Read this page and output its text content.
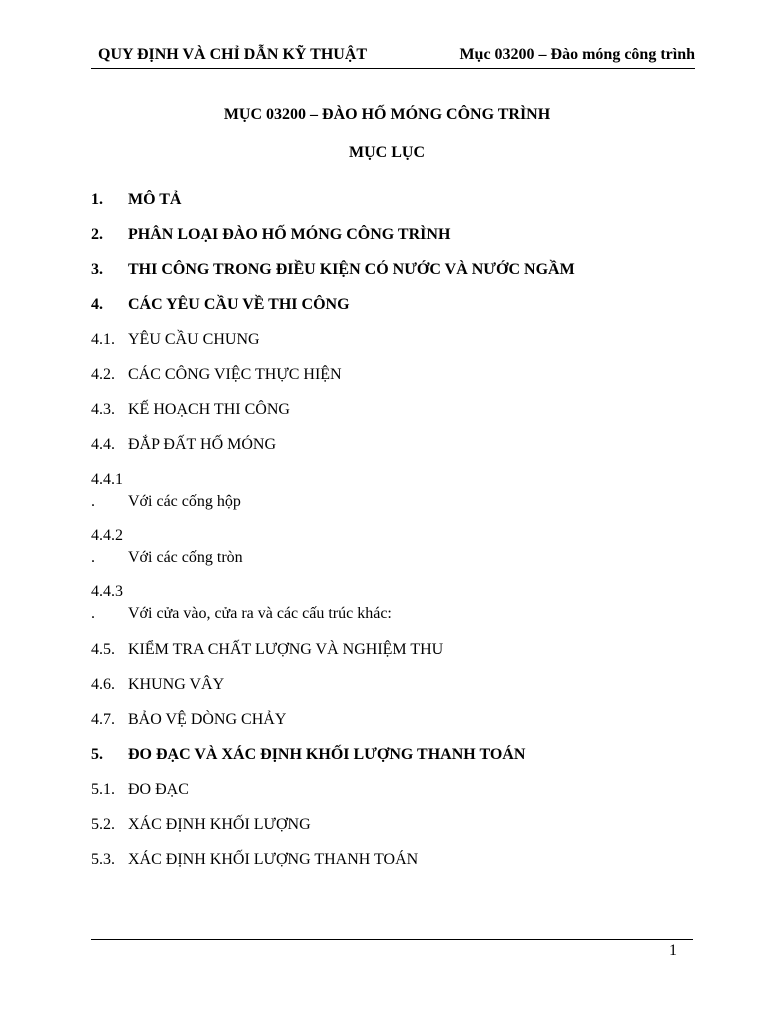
QUY ĐỊNH VÀ CHỈ DẪN KỸ THUẬT	Mục 03200 – Đào móng công trình
MỤC 03200 – ĐÀO HỐ MÓNG CÔNG TRÌNH
MỤC LỤC
1. MÔ TẢ
2. PHÂN LOẠI ĐÀO HỐ MÓNG CÔNG TRÌNH
3. THI CÔNG TRONG ĐIỀU KIỆN CÓ NƯỚC VÀ NƯỚC NGẦM
4. CÁC YÊU CẦU VỀ THI CÔNG
4.1. YÊU CẦU CHUNG
4.2. CÁC CÔNG VIỆC THỰC HIỆN
4.3. KẾ HOẠCH THI CÔNG
4.4. ĐẮP ĐẤT HỐ MÓNG
4.4.1
. Với các cống hộp
4.4.2
. Với các cống tròn
4.4.3
. Với cửa vào, cửa ra và các cấu trúc khác:
4.5. KIỂM TRA CHẤT LƯỢNG VÀ NGHIỆM THU
4.6. KHUNG VÂY
4.7. BẢO VỆ DÒNG CHẢY
5. ĐO ĐẠC VÀ XÁC ĐỊNH KHỐI LƯỢNG THANH TOÁN
5.1. ĐO ĐẠC
5.2. XÁC ĐỊNH KHỐI LƯỢNG
5.3. XÁC ĐỊNH KHỐI LƯỢNG THANH TOÁN
1
